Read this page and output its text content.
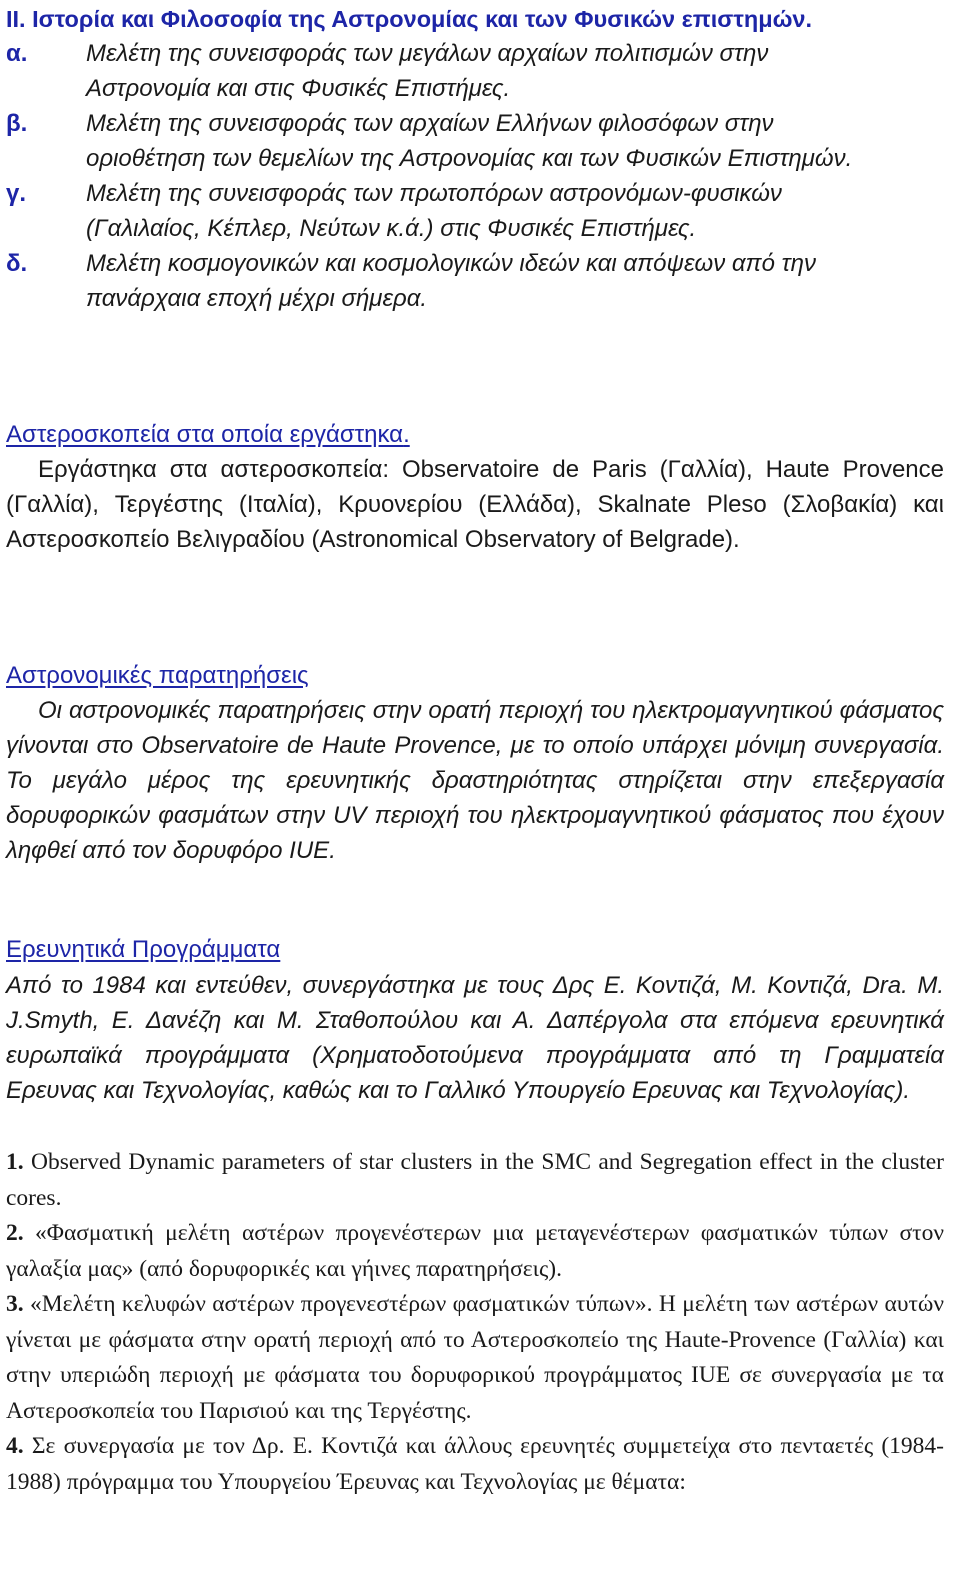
II. Ιστορία και Φιλοσοφία της Αστρονομίας και των Φυσικών επιστημών.
α. Μελέτη της συνεισφοράς των μεγάλων αρχαίων πολιτισμών στην Αστρονομία και στις Φυσικές Επιστήμες.
β. Μελέτη της συνεισφοράς των αρχαίων Ελλήνων φιλοσόφων στην οριοθέτηση των θεμελίων της Αστρονομίας και των Φυσικών Επιστημών.
γ. Μελέτη της συνεισφοράς των πρωτοπόρων αστρονόμων-φυσικών (Γαλιλαίος, Κέπλερ, Νεύτων κ.ά.) στις Φυσικές Επιστήμες.
δ. Μελέτη κοσμογονικών και κοσμολογικών ιδεών και απόψεων από την πανάρχαια εποχή μέχρι σήμερα.
Αστεροσκοπεία στα οποία εργάστηκα.
Εργάστηκα στα αστεροσκοπεία: Observatoire de Paris (Γαλλία), Haute Provence (Γαλλία), Τεργέστης (Ιταλία), Κρυονερίου (Ελλάδα), Skalnate Pleso (Σλοβακία) και Αστεροσκοπείο Βελιγραδίου (Astronomical Observatory of Belgrade).
Αστρονομικές παρατηρήσεις
Οι αστρονομικές παρατηρήσεις στην ορατή περιοχή του ηλεκτρομαγνητικού φάσματος γίνονται στο Observatoire de Haute Provence, με το οποίο υπάρχει μόνιμη συνεργασία. Το μεγάλο μέρος της ερευνητικής δραστηριότητας στηρίζεται στην επεξεργασία δορυφορικών φασμάτων στην UV περιοχή του ηλεκτρομαγνητικού φάσματος που έχουν ληφθεί από τον δορυφόρο IUE.
Ερευνητικά Προγράμματα
Από το 1984 και εντεύθεν, συνεργάστηκα με τους Δρς Ε. Κοντιζά, Μ. Κοντιζά, Dra. M. J.Smyth, Ε. Δανέζη και Μ. Σταθοπούλου και Α. Δαπέργολα στα επόμενα ερευνητικά ευρωπαϊκά προγράμματα (Χρηματοδοτούμενα προγράμματα από τη Γραμματεία Ερευνας και Τεχνολογίας, καθώς και το Γαλλικό Υπουργείο Ερευνας και Τεχνολογίας).
1. Observed Dynamic parameters of star clusters in the SMC and Segregation effect in the cluster cores.
2. «Φασματική μελέτη αστέρων προγενέστερων μια μεταγενέστερων φασματικών τύπων στον γαλαξία μας» (από δορυφορικές και γήινες παρατηρήσεις).
3. «Μελέτη κελυφών αστέρων προγενεστέρων φασματικών τύπων». Η μελέτη των αστέρων αυτών γίνεται με φάσματα στην ορατή περιοχή από το Αστεροσκοπείο της Haute-Provence (Γαλλία) και στην υπεριώδη περιοχή με φάσματα του δορυφορικού προγράμματος IUE σε συνεργασία με τα Αστεροσκοπεία του Παρισιού και της Τεργέστης.
4. Σε συνεργασία με τον Δρ. Ε. Κοντιζά και άλλους ερευνητές συμμετείχα στο πενταετές (1984-1988) πρόγραμμα του Υπουργείου Έρευνας και Τεχνολογίας με θέματα:
